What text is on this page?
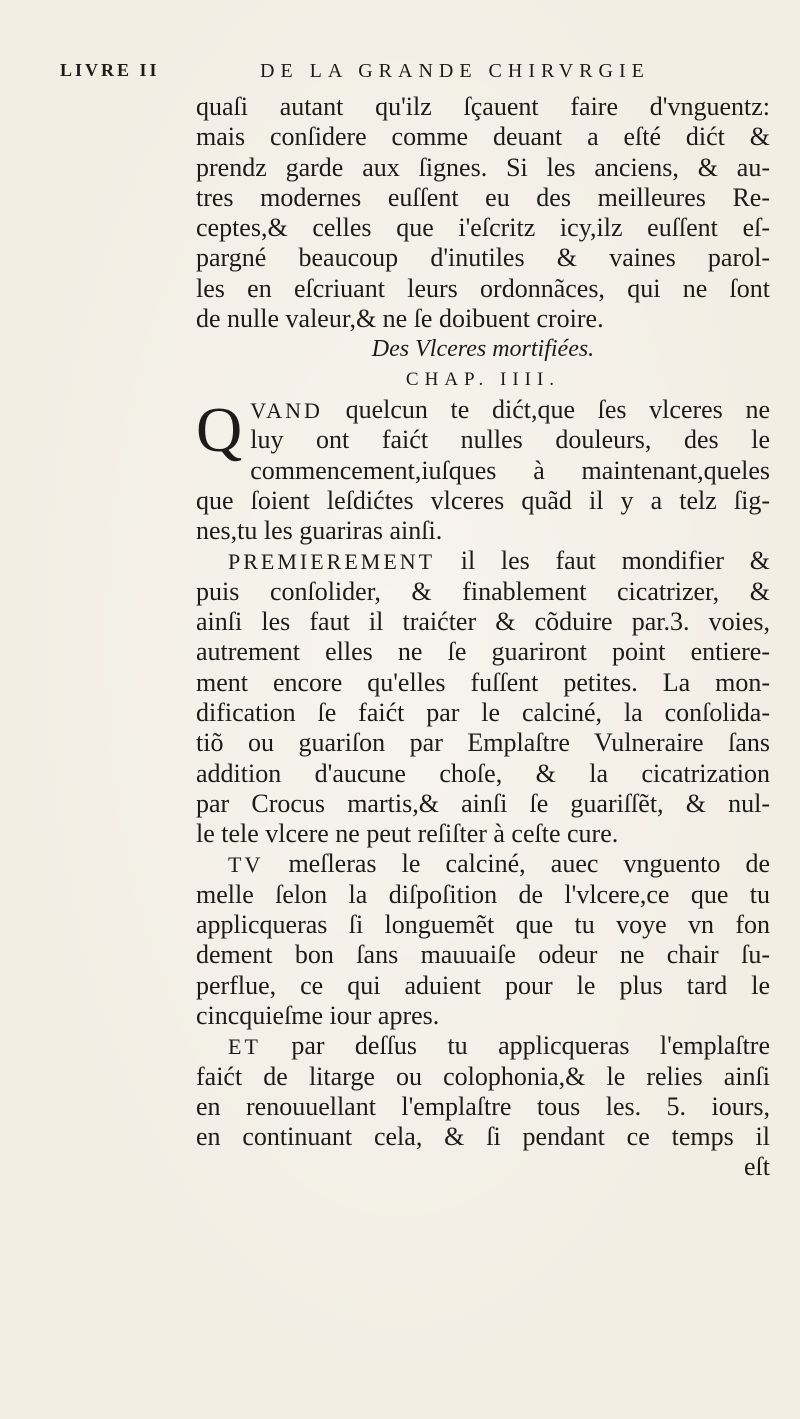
LIVRE II	DE LA GRANDE CHIRVRGIE
quaſi autant qu'ilz ſçauent faire d'vnguentz:
mais conſidere comme deuant a eſté dićt &
prendz garde aux ſignes. Si les anciens, & au-
tres modernes euſſent eu des meilleures Re-
ceptes,& celles que i'eſcritz icy,ilz euſſent eſ-
pargné beaucoup d'inutiles & vaines parol-
les en eſcriuant leurs ordonnãces, qui ne ſont
de nulle valeur,& ne ſe doibuent croire.
Des Vlceres mortifiées.
CHAP. IIII.
Q VAND quelcun te dićt,que ſes vlceres ne
luy ont faićt nulles douleurs, des le
commencement,iuſques à maintenant,queles
que ſoient leſdićtes vlceres quãd il y a telz ſig-
nes,tu les guariras ainſi.
PREMIEREMENT il les faut mondifier &
puis conſolider, & finablement cicatrizer, &
ainſi les faut il traićter & cõduire par.3. voies,
autrement elles ne ſe guariront point entiere-
ment encore qu'elles fuſſent petites. La mon-
dification ſe faićt par le calciné, la conſolida-
tiõ ou guariſon par Emplaſtre Vulneraire ſans
addition d'aucune choſe, & la cicatrization
par Crocus martis,& ainſi ſe guariſſẽt, & nul-
le tele vlcere ne peut reſiſter à ceſte cure.
TV meſleras le calciné, auec vnguento de
melle ſelon la diſpoſition de l'vlcere,ce que tu
applicqueras ſi longuemẽt que tu voye vn fon
dement bon ſans mauuaiſe odeur ne chair ſu-
perflue, ce qui aduient pour le plus tard le
cincquieſme iour apres.
ET par deſſus tu applicqueras l'emplaſtre
faićt de litarge ou colophonia,& le relies ainſi
en renouuellant l'emplaſtre tous les. 5. iours,
en continuant cela, & ſi pendant ce temps il
eſt
